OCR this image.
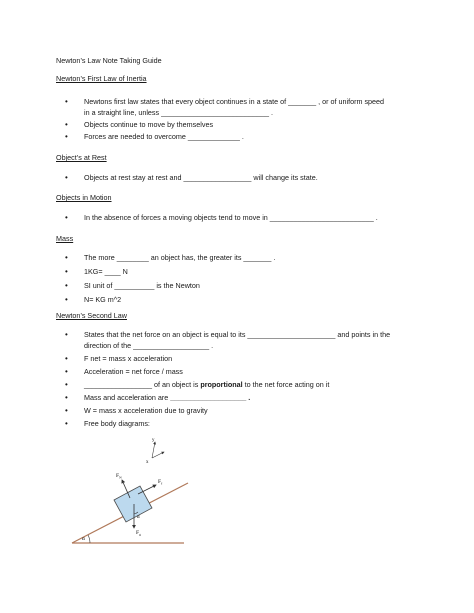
Newton’s Law Note Taking Guide
Newton’s First Law of Inertia
• Newtons first law states that every object continues in a state of _______ , or of uniform speed
in a straight line, unless ___________________________ .
• Objects continue to move by themselves
• Forces are needed to overcome _____________ .
Object’s at Rest
• Objects at rest stay at rest and _________________ will change its state.
Objects in Motion
• In the absence of forces a moving objects tend to move in __________________________ .
Mass
• The more ________ an object has, the greater its _______ .
• 1KG= ____ N
• SI unit of __________ is the Newton
• N= KG m^2
Newton’s Second Law
• States that the net force on an object is equal to its ______________________ and points in the
direction of the ___________________ .
• F net = mass x acceleration
• Acceleration = net force / mass
• _________________ of an object is proportional to the net force acting on it
• Mass and acceleration are ___________________ .
• W = mass x acceleration due to gravity
• Free body diagrams:
α
y
x
$F_N$
$F_f$
α
$F_g$
